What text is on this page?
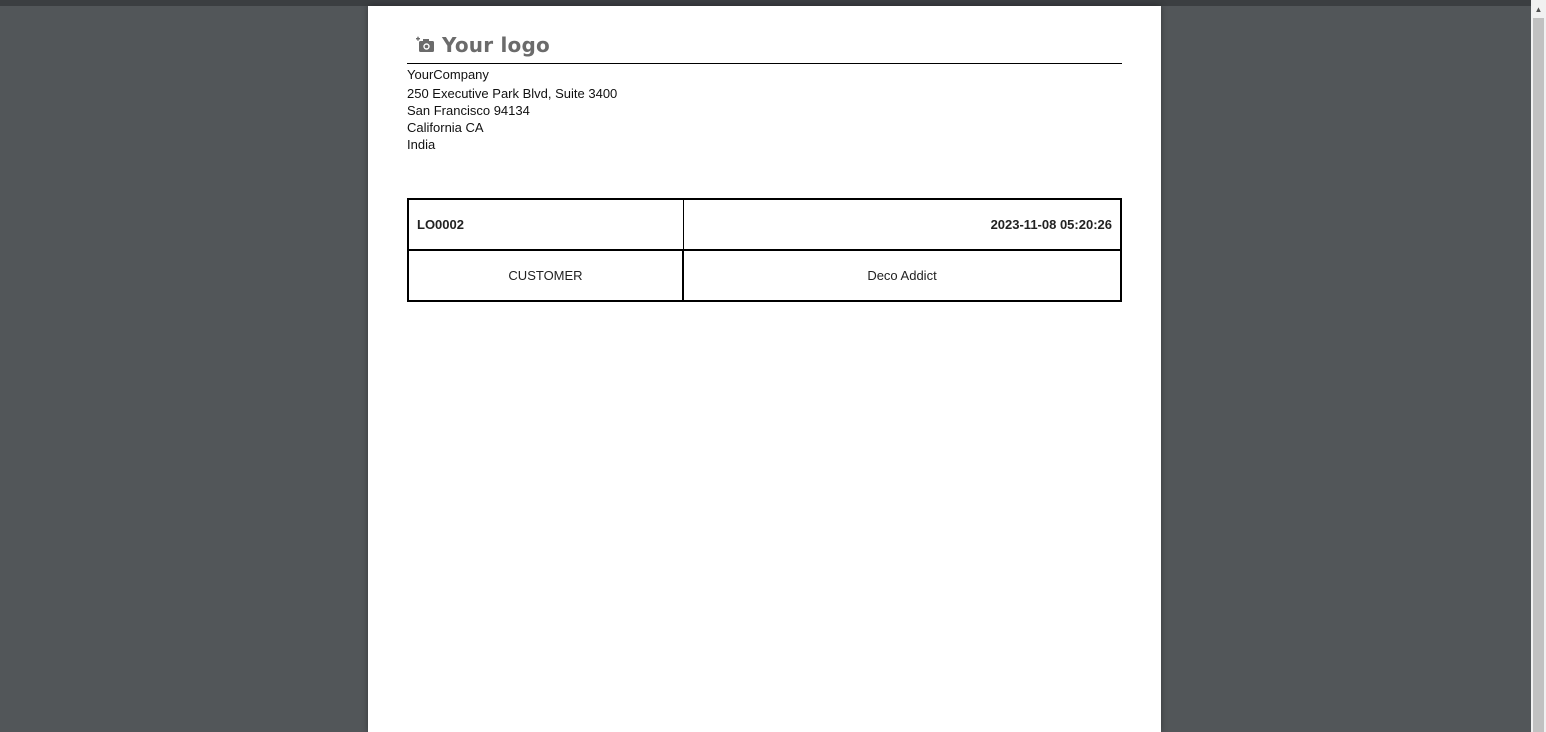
Your logo
YourCompany
250 Executive Park Blvd, Suite 3400
San Francisco 94134
California CA
India
LO0002	2023-11-08 05:20:26
CUSTOMER	Deco Addict
▲
